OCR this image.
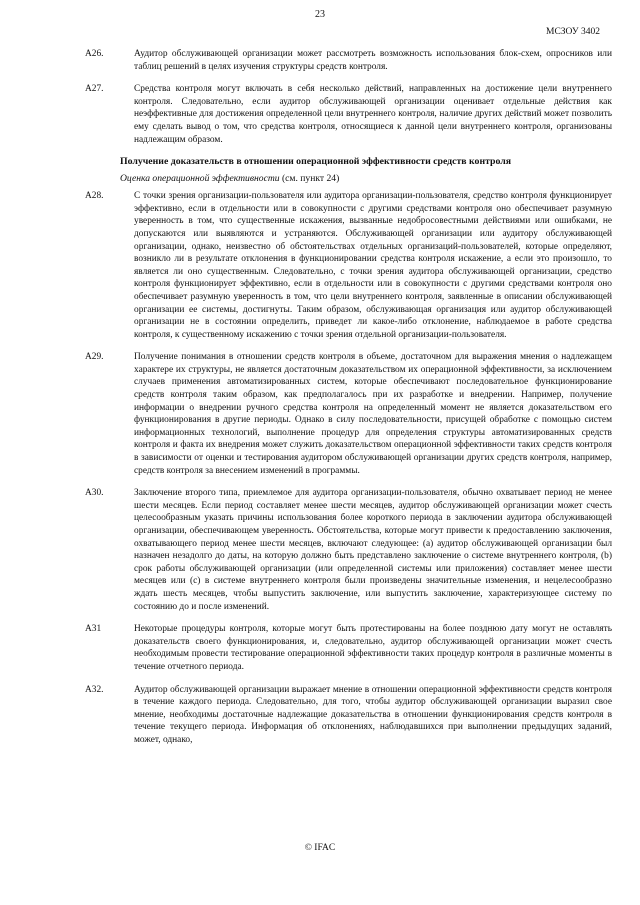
23
МСЗОУ 3402
A26.	Аудитор обслуживающей организации может рассмотреть возможность использования блок-схем, опросников или таблиц решений в целях изучения структуры средств контроля.
A27.	Средства контроля могут включать в себя несколько действий, направленных на достижение цели внутреннего контроля. Следовательно, если аудитор обслуживающей организации оценивает отдельные действия как неэффективные для достижения определенной цели внутреннего контроля, наличие других действий может позволить ему сделать вывод о том, что средства контроля, относящиеся к данной цели внутреннего контроля, организованы надлежащим образом.
Получение доказательств в отношении операционной эффективности средств контроля
Оценка операционной эффективности (см. пункт 24)
A28.	С точки зрения организации-пользователя или аудитора организации-пользователя, средство контроля функционирует эффективно, если в отдельности или в совокупности с другими средствами контроля оно обеспечивает разумную уверенность в том, что существенные искажения, вызванные недобросовестными действиями или ошибками, не допускаются или выявляются и устраняются. Обслуживающей организации или аудитору обслуживающей организации, однако, неизвестно об обстоятельствах отдельных организаций-пользователей, которые определяют, возникло ли в результате отклонения в функционировании средства контроля искажение, а если это произошло, то является ли оно существенным. Следовательно, с точки зрения аудитора обслуживающей организации, средство контроля функционирует эффективно, если в отдельности или в совокупности с другими средствами контроля оно обеспечивает разумную уверенность в том, что цели внутреннего контроля, заявленные в описании обслуживающей организации ее системы, достигнуты. Таким образом, обслуживающая организация или аудитор обслуживающей организации не в состоянии определить, приведет ли какое-либо отклонение, наблюдаемое в работе средства контроля, к существенному искажению с точки зрения отдельной организации-пользователя.
A29.	Получение понимания в отношении средств контроля в объеме, достаточном для выражения мнения о надлежащем характере их структуры, не является достаточным доказательством их операционной эффективности, за исключением случаев применения автоматизированных систем, которые обеспечивают последовательное функционирование средств контроля таким образом, как предполагалось при их разработке и внедрении. Например, получение информации о внедрении ручного средства контроля на определенный момент не является доказательством его функционирования в другие периоды. Однако в силу последовательности, присущей обработке с помощью систем информационных технологий, выполнение процедур для определения структуры автоматизированных средств контроля и факта их внедрения может служить доказательством операционной эффективности таких средств контроля в зависимости от оценки и тестирования аудитором обслуживающей организации других средств контроля, например, средств контроля за внесением изменений в программы.
A30.	Заключение второго типа, приемлемое для аудитора организации-пользователя, обычно охватывает период не менее шести месяцев. Если период составляет менее шести месяцев, аудитор обслуживающей организации может счесть целесообразным указать причины использования более короткого периода в заключении аудитора обслуживающей организации, обеспечивающем уверенность. Обстоятельства, которые могут привести к предоставлению заключения, охватывающего период менее шести месяцев, включают следующее: (a) аудитор обслуживающей организации был назначен незадолго до даты, на которую должно быть представлено заключение о системе внутреннего контроля, (b) срок работы обслуживающей организации (или определенной системы или приложения) составляет менее шести месяцев или (c) в системе внутреннего контроля были произведены значительные изменения, и нецелесообразно ждать шесть месяцев, чтобы выпустить заключение, или выпустить заключение, характеризующее систему по состоянию до и после изменений.
A31	Некоторые процедуры контроля, которые могут быть протестированы на более позднюю дату могут не оставлять доказательств своего функционирования, и, следовательно, аудитор обслуживающей организации может счесть необходимым провести тестирование операционной эффективности таких процедур контроля в различные моменты в течение отчетного периода.
A32.	Аудитор обслуживающей организации выражает мнение в отношении операционной эффективности средств контроля в течение каждого периода. Следовательно, для того, чтобы аудитор обслуживающей организации выразил свое мнение, необходимы достаточные надлежащие доказательства в отношении функционирования средств контроля в течение текущего периода. Информация об отклонениях, наблюдавшихся при выполнении предыдущих заданий, может, однако,
© IFAC
